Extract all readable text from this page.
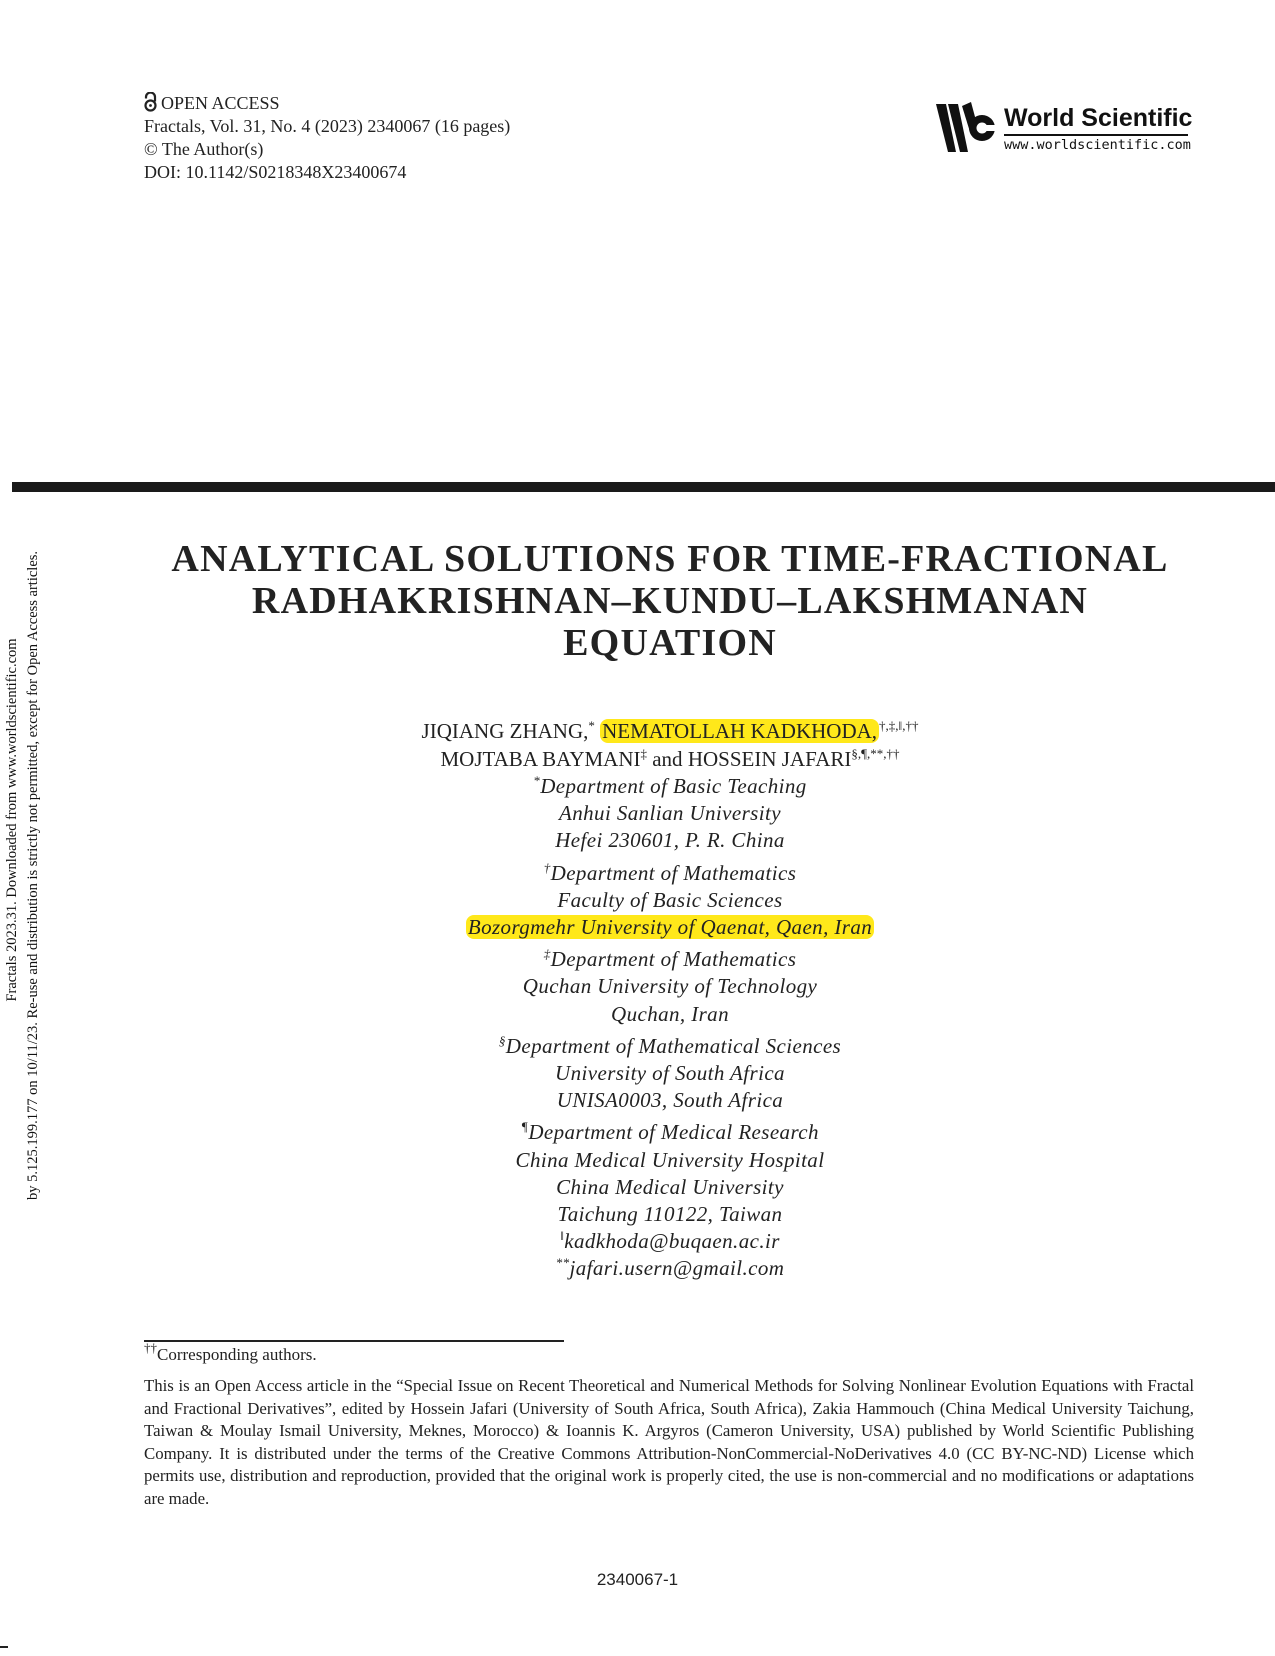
OPEN ACCESS
Fractals, Vol. 31, No. 4 (2023) 2340067 (16 pages)
© The Author(s)
DOI: 10.1142/S0218348X23400674
World Scientific
www.worldscientific.com
Fractals 2023.31. Downloaded from www.worldscientific.com by 5.125.199.177 on 10/11/23. Re-use and distribution is strictly not permitted, except for Open Access articles.	ANALYTICAL SOLUTIONS FOR TIME-FRACTIONAL
RADHAKRISHNAN–KUNDU–LAKSHMANAN
EQUATION
JIQIANG ZHANG,* NEMATOLLAH KADKHODA, †,‡,‖,††
MOJTABA BAYMANI‡ and HOSSEIN JAFARI§,¶,**,††
*Department of Basic Teaching
Anhui Sanlian University
Hefei 230601, P. R. China
†Department of Mathematics
Faculty of Basic Sciences
Bozorgmehr University of Qaenat, Qaen, Iran
‡Department of Mathematics
Quchan University of Technology
Quchan, Iran
§Department of Mathematical Sciences
University of South Africa
UNISA0003, South Africa
¶Department of Medical Research
China Medical University Hospital
China Medical University
Taichung 110122, Taiwan
‖kadkhoda@buqaen.ac.ir
**jafari.usern@gmail.com
††Corresponding authors.
This is an Open Access article in the “Special Issue on Recent Theoretical and Numerical Methods for Solving Nonlinear Evolution Equations with Fractal and Fractional Derivatives”, edited by Hossein Jafari (University of South Africa, South Africa), Zakia Hammouch (China Medical University Taichung, Taiwan & Moulay Ismail University, Meknes, Morocco) & Ioannis K. Argyros (Cameron University, USA) published by World Scientific Publishing Company. It is distributed under the terms of the Creative Commons Attribution-NonCommercial-NoDerivatives 4.0 (CC BY-NC-ND) License which permits use, distribution and reproduction, provided that the original work is properly cited, the use is non-commercial and no modifications or adaptations are made.
2340067-1
